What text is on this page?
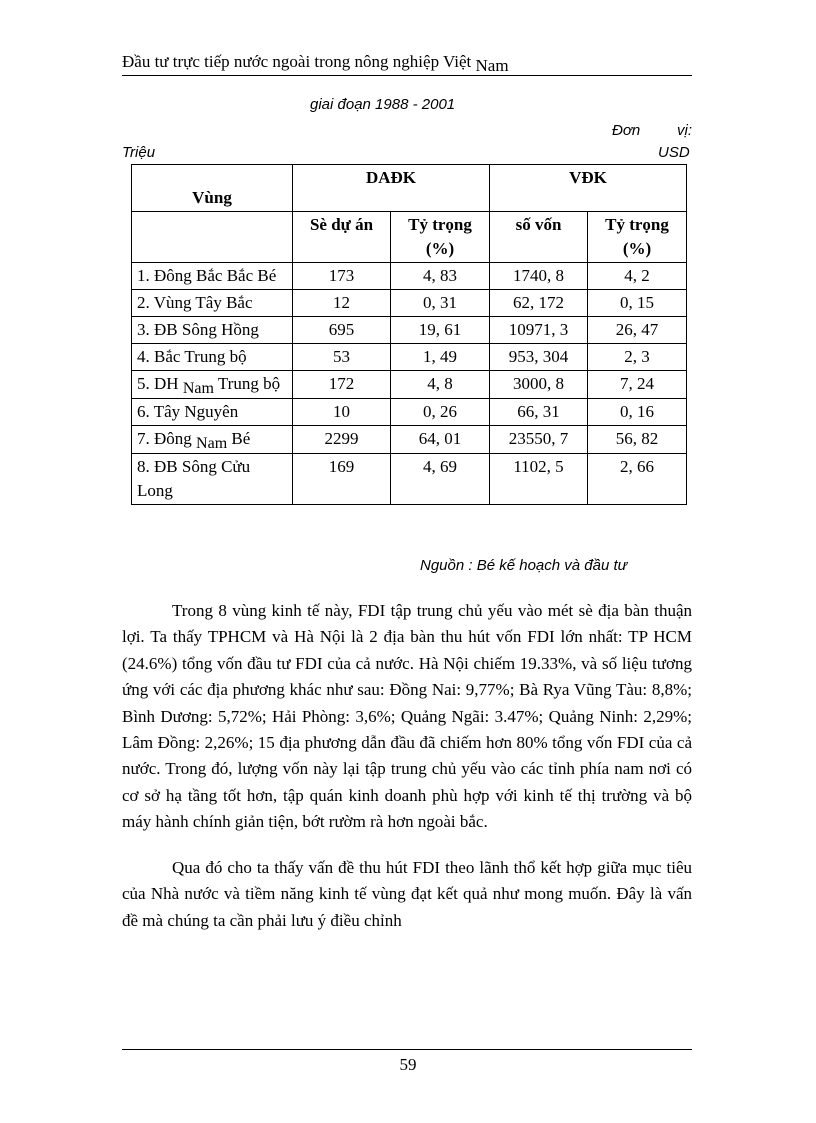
Đầu tư trực tiếp nước ngoài trong nông nghiệp Việt Nam
giai đoạn 1988 - 2001
Đơn vị:
Triệu	USD
Vùng	DAĐK		VĐK	
	Sè dự án	Tỷ trọng (%)	số vốn	Tỷ trọng (%)
1. Đông Bắc Bắc Bé	173	4, 83	1740, 8	4, 2
2. Vùng Tây Bắc	12	0, 31	62, 172	0, 15
3. ĐB Sông Hồng	695	19, 61	10971, 3	26, 47
4. Bắc Trung bộ	53	1, 49	953, 304	2, 3
5. DH Nam Trung bộ	172	4, 8	3000, 8	7, 24
6. Tây Nguyên	10	0, 26	66, 31	0, 16
7. Đông Nam Bé	2299	64, 01	23550, 7	56, 82
8. ĐB Sông Cửu Long	169	4, 69	1102, 5	2, 66
Nguồn : Bé kế hoạch và đầu tư

Trong 8 vùng kinh tế này, FDI tập trung chủ yếu vào mét sè địa bàn thuận lợi. Ta thấy TPHCM và Hà Nội là 2 địa bàn thu hút vốn FDI lớn nhất: TP HCM (24.6%) tổng vốn đầu tư FDI của cả nước. Hà Nội chiếm 19.33%, và số liệu tương ứng với các địa phương khác như sau: Đồng Nai: 9,77%; Bà Rya Vũng Tàu: 8,8%; Bình Dương: 5,72%; Hải Phòng: 3,6%; Quảng Ngãi: 3.47%; Quảng Ninh: 2,29%; Lâm Đồng: 2,26%; 15 địa phương dẫn đầu đã chiếm hơn 80% tổng vốn FDI của cả nước. Trong đó, lượng vốn này lại tập trung chủ yếu vào các tỉnh phía nam nơi có cơ sở hạ tầng tốt hơn, tập quán kinh doanh phù hợp với kinh tế thị trường và bộ máy hành chính giản tiện, bớt rườm rà hơn ngoài bắc.

Qua đó cho ta thấy vấn đề thu hút FDI theo lãnh thổ kết hợp giữa mục tiêu của Nhà nước và tiềm năng kinh tế vùng đạt kết quả như mong muốn. Đây là vấn đề mà chúng ta cần phải lưu ý điều chỉnh

59
